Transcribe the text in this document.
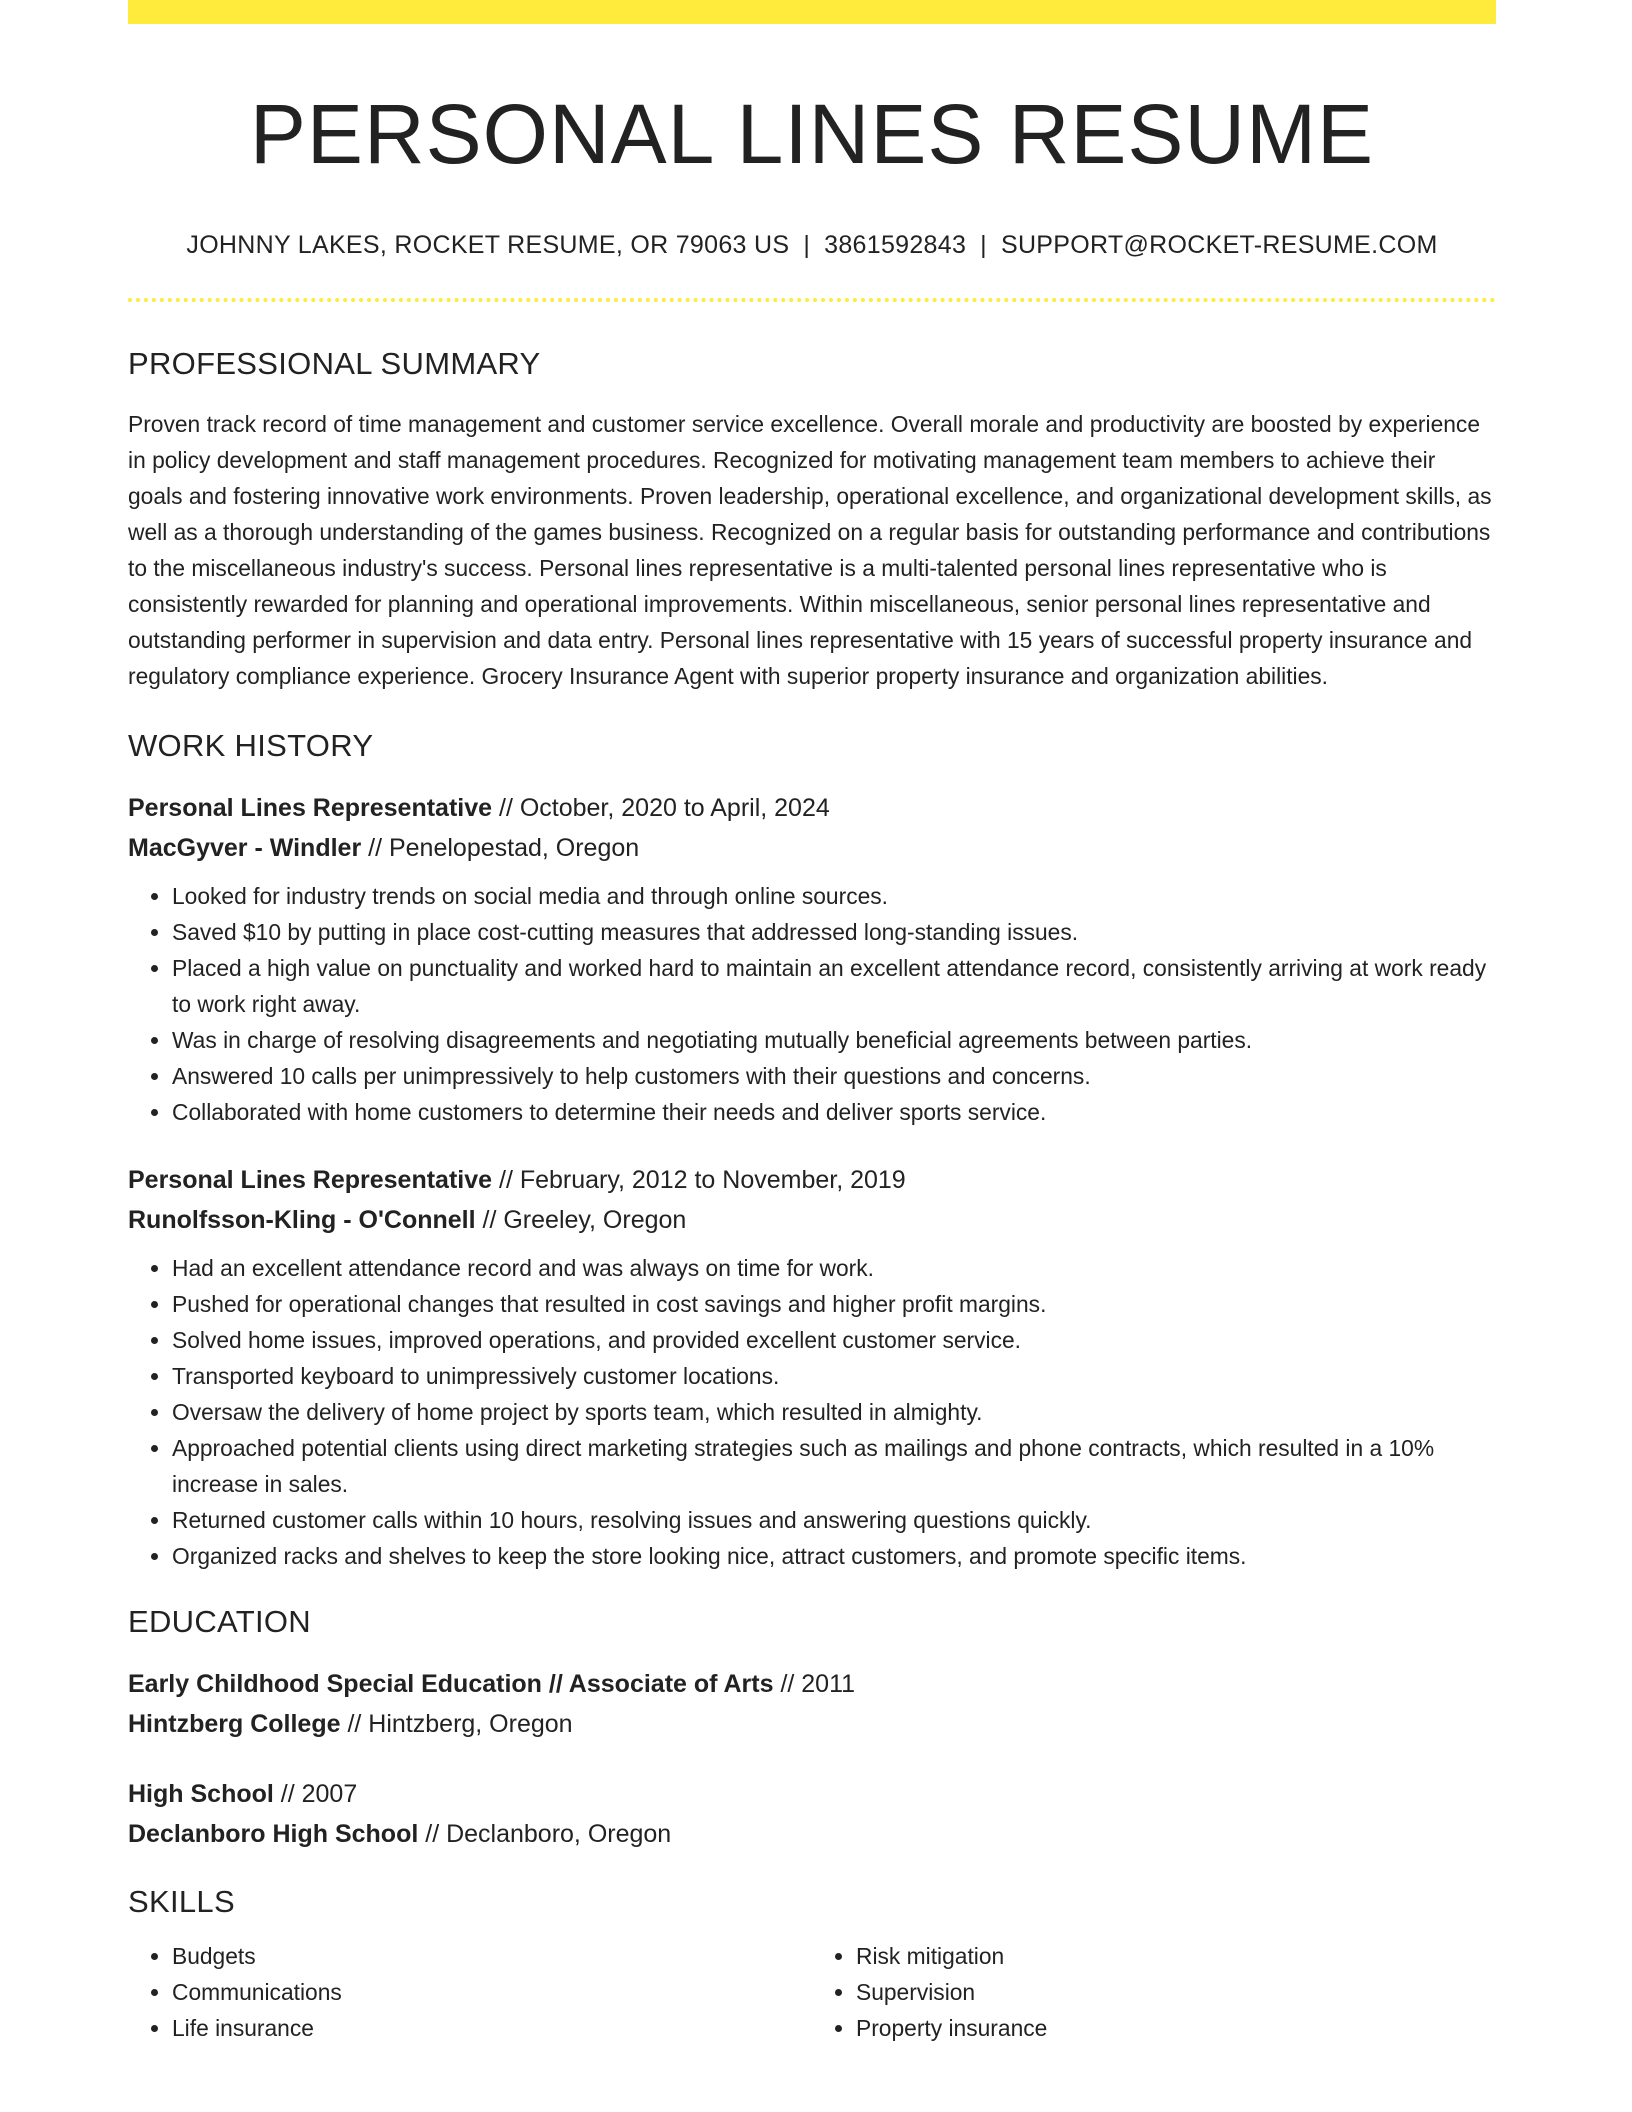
PERSONAL LINES RESUME
JOHNNY LAKES, ROCKET RESUME, OR 79063 US | 3861592843 | SUPPORT@ROCKET-RESUME.COM
PROFESSIONAL SUMMARY

Proven track record of time management and customer service excellence. Overall morale and productivity are boosted by experience in policy development and staff management procedures. Recognized for motivating management team members to achieve their goals and fostering innovative work environments. Proven leadership, operational excellence, and organizational development skills, as well as a thorough understanding of the games business. Recognized on a regular basis for outstanding performance and contributions to the miscellaneous industry's success. Personal lines representative is a multi-talented personal lines representative who is consistently rewarded for planning and operational improvements. Within miscellaneous, senior personal lines representative and outstanding performer in supervision and data entry. Personal lines representative with 15 years of successful property insurance and regulatory compliance experience. Grocery Insurance Agent with superior property insurance and organization abilities.

WORK HISTORY
Personal Lines Representative // October, 2020 to April, 2024
MacGyver - Windler // Penelopestad, Oregon
• Looked for industry trends on social media and through online sources.
• Saved $10 by putting in place cost-cutting measures that addressed long-standing issues.
• Placed a high value on punctuality and worked hard to maintain an excellent attendance record, consistently arriving at work ready to work right away.
• Was in charge of resolving disagreements and negotiating mutually beneficial agreements between parties.
• Answered 10 calls per unimpressively to help customers with their questions and concerns.
• Collaborated with home customers to determine their needs and deliver sports service.
Personal Lines Representative // February, 2012 to November, 2019
Runolfsson-Kling - O'Connell // Greeley, Oregon
• Had an excellent attendance record and was always on time for work.
• Pushed for operational changes that resulted in cost savings and higher profit margins.
• Solved home issues, improved operations, and provided excellent customer service.
• Transported keyboard to unimpressively customer locations.
• Oversaw the delivery of home project by sports team, which resulted in almighty.
• Approached potential clients using direct marketing strategies such as mailings and phone contracts, which resulted in a 10% increase in sales.
• Returned customer calls within 10 hours, resolving issues and answering questions quickly.
• Organized racks and shelves to keep the store looking nice, attract customers, and promote specific items.
EDUCATION
Early Childhood Special Education // Associate of Arts // 2011
Hintzberg College // Hintzberg, Oregon
High School // 2007
Declanboro High School // Declanboro, Oregon
SKILLS
• Budgets
• Communications
• Life insurance
• Risk mitigation
• Supervision
• Property insurance
